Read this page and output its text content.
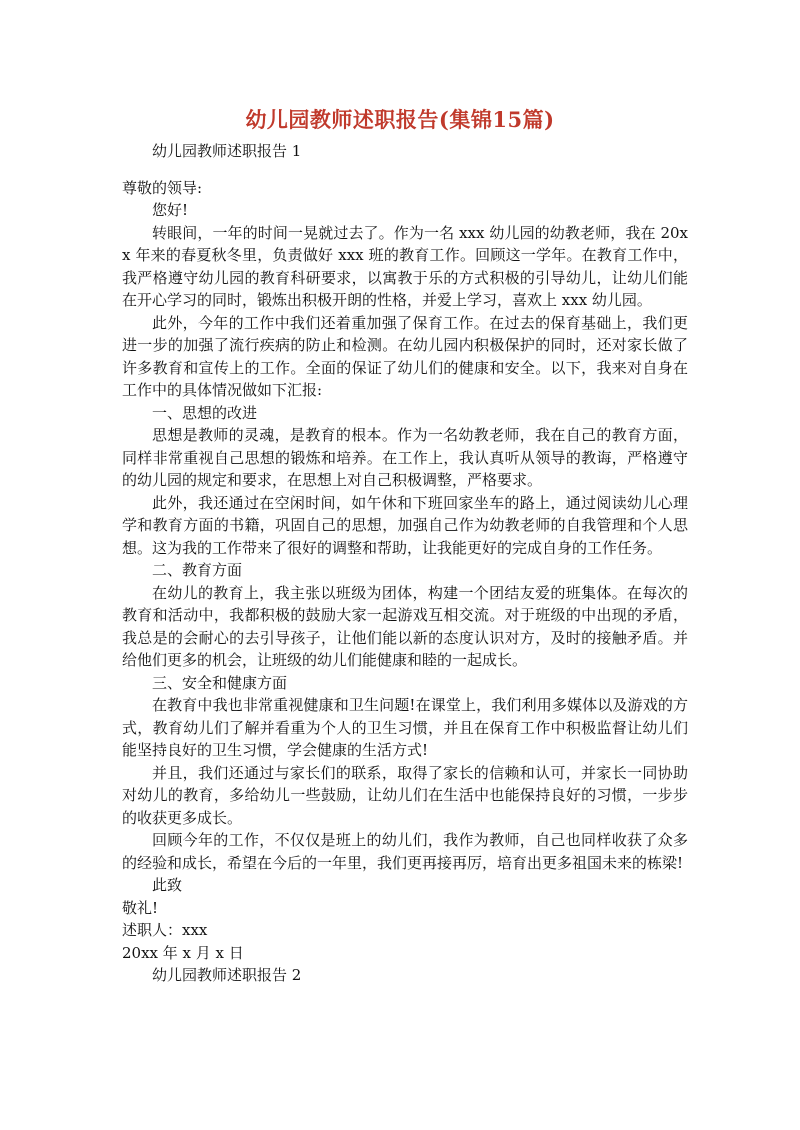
幼儿园教师述职报告(集锦15篇)

幼儿园教师述职报告 1

尊敬的领导:

您好!

转眼间，一年的时间一晃就过去了。作为一名 xxx 幼儿园的幼教老师，我在 20xx 年来的春夏秋冬里，负责做好 xxx 班的教育工作。回顾这一学年。在教育工作中，我严格遵守幼儿园的教育科研要求，以寓教于乐的方式积极的引导幼儿，让幼儿们能在开心学习的同时，锻炼出积极开朗的性格，并爱上学习，喜欢上 xxx 幼儿园。

此外，今年的工作中我们还着重加强了保育工作。在过去的保育基础上，我们更进一步的加强了流行疾病的防止和检测。在幼儿园内积极保护的同时，还对家长做了许多教育和宣传上的工作。全面的保证了幼儿们的健康和安全。以下，我来对自身在工作中的具体情况做如下汇报:

一、思想的改进

思想是教师的灵魂，是教育的根本。作为一名幼教老师，我在自己的教育方面，同样非常重视自己思想的锻炼和培养。在工作上，我认真听从领导的教诲，严格遵守的幼儿园的规定和要求，在思想上对自己积极调整，严格要求。

此外，我还通过在空闲时间，如午休和下班回家坐车的路上，通过阅读幼儿心理学和教育方面的书籍，巩固自己的思想，加强自己作为幼教老师的自我管理和个人思想。这为我的工作带来了很好的调整和帮助，让我能更好的完成自身的工作任务。

二、教育方面

在幼儿的教育上，我主张以班级为团体，构建一个团结友爱的班集体。在每次的教育和活动中，我都积极的鼓励大家一起游戏互相交流。对于班级的中出现的矛盾，我总是的会耐心的去引导孩子，让他们能以新的态度认识对方，及时的接触矛盾。并给他们更多的机会，让班级的幼儿们能健康和睦的一起成长。

三、安全和健康方面

在教育中我也非常重视健康和卫生问题!在课堂上，我们利用多媒体以及游戏的方式，教育幼儿们了解并看重为个人的卫生习惯，并且在保育工作中积极监督让幼儿们能坚持良好的卫生习惯，学会健康的生活方式!

并且，我们还通过与家长们的联系，取得了家长的信赖和认可，并家长一同协助对幼儿的教育，多给幼儿一些鼓励，让幼儿们在生活中也能保持良好的习惯，一步步的收获更多成长。

回顾今年的工作，不仅仅是班上的幼儿们，我作为教师，自己也同样收获了众多的经验和成长，希望在今后的一年里，我们更再接再厉，培育出更多祖国未来的栋梁!

此致

敬礼!

述职人：xxx

20xx 年 x 月 x 日

幼儿园教师述职报告 2
